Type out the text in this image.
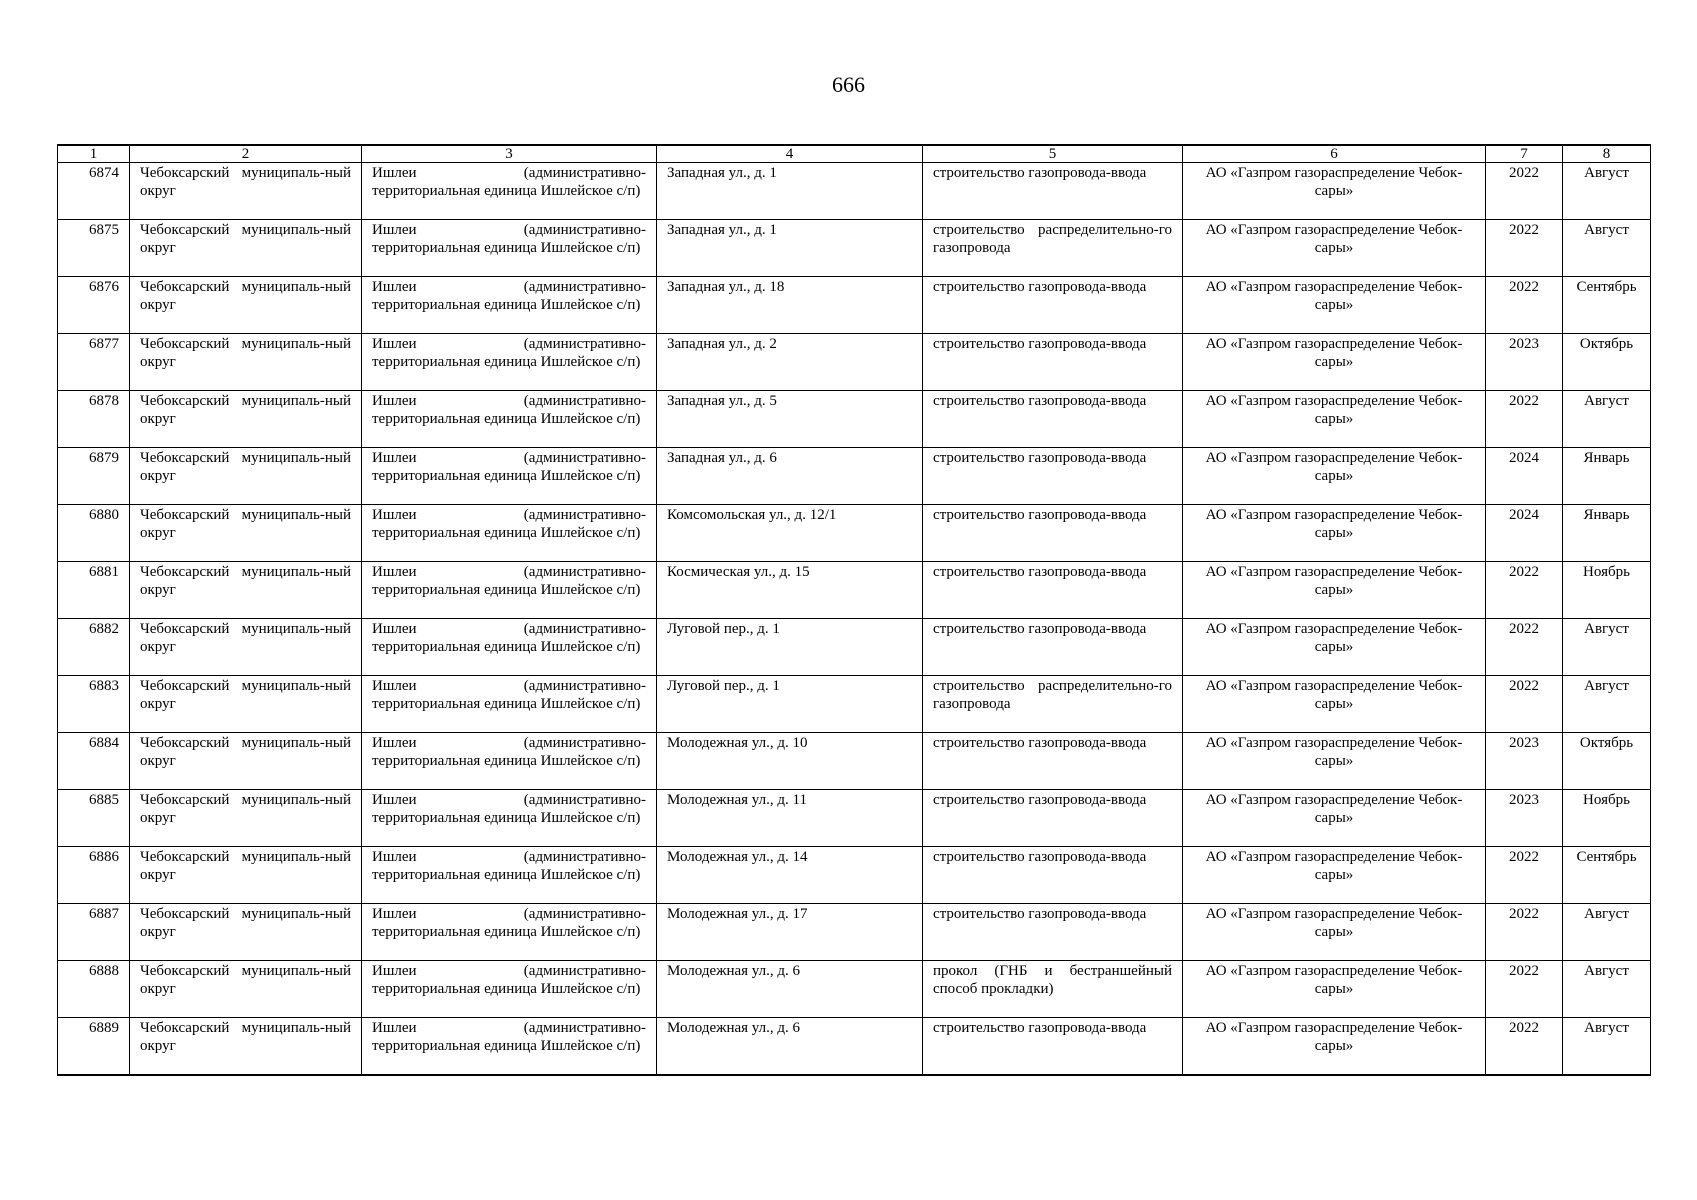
666
1	2	3	4	5	6	7	8
6874	Чебоксарский муниципаль-ный округ	Ишлеи (административно-территориальная единица Ишлейское с/п)	Западная ул., д. 1	строительство газопровода-ввода	АО «Газпром газораспределение Чебок-сары»	2022	Август
6875	Чебоксарский муниципаль-ный округ	Ишлеи (административно-территориальная единица Ишлейское с/п)	Западная ул., д. 1	строительство распределительно-го газопровода	АО «Газпром газораспределение Чебок-сары»	2022	Август
6876	Чебоксарский муниципаль-ный округ	Ишлеи (административно-территориальная единица Ишлейское с/п)	Западная ул., д. 18	строительство газопровода-ввода	АО «Газпром газораспределение Чебок-сары»	2022	Сентябрь
6877	Чебоксарский муниципаль-ный округ	Ишлеи (административно-территориальная единица Ишлейское с/п)	Западная ул., д. 2	строительство газопровода-ввода	АО «Газпром газораспределение Чебок-сары»	2023	Октябрь
6878	Чебоксарский муниципаль-ный округ	Ишлеи (административно-территориальная единица Ишлейское с/п)	Западная ул., д. 5	строительство газопровода-ввода	АО «Газпром газораспределение Чебок-сары»	2022	Август
6879	Чебоксарский муниципаль-ный округ	Ишлеи (административно-территориальная единица Ишлейское с/п)	Западная ул., д. 6	строительство газопровода-ввода	АО «Газпром газораспределение Чебок-сары»	2024	Январь
6880	Чебоксарский муниципаль-ный округ	Ишлеи (административно-территориальная единица Ишлейское с/п)	Комсомольская ул., д. 12/1	строительство газопровода-ввода	АО «Газпром газораспределение Чебок-сары»	2024	Январь
6881	Чебоксарский муниципаль-ный округ	Ишлеи (административно-территориальная единица Ишлейское с/п)	Космическая ул., д. 15	строительство газопровода-ввода	АО «Газпром газораспределение Чебок-сары»	2022	Ноябрь
6882	Чебоксарский муниципаль-ный округ	Ишлеи (административно-территориальная единица Ишлейское с/п)	Луговой пер., д. 1	строительство газопровода-ввода	АО «Газпром газораспределение Чебок-сары»	2022	Август
6883	Чебоксарский муниципаль-ный округ	Ишлеи (административно-территориальная единица Ишлейское с/п)	Луговой пер., д. 1	строительство распределительно-го газопровода	АО «Газпром газораспределение Чебок-сары»	2022	Август
6884	Чебоксарский муниципаль-ный округ	Ишлеи (административно-территориальная единица Ишлейское с/п)	Молодежная ул., д. 10	строительство газопровода-ввода	АО «Газпром газораспределение Чебок-сары»	2023	Октябрь
6885	Чебоксарский муниципаль-ный округ	Ишлеи (административно-территориальная единица Ишлейское с/п)	Молодежная ул., д. 11	строительство газопровода-ввода	АО «Газпром газораспределение Чебок-сары»	2023	Ноябрь
6886	Чебоксарский муниципаль-ный округ	Ишлеи (административно-территориальная единица Ишлейское с/п)	Молодежная ул., д. 14	строительство газопровода-ввода	АО «Газпром газораспределение Чебок-сары»	2022	Сентябрь
6887	Чебоксарский муниципаль-ный округ	Ишлеи (административно-территориальная единица Ишлейское с/п)	Молодежная ул., д. 17	строительство газопровода-ввода	АО «Газпром газораспределение Чебок-сары»	2022	Август
6888	Чебоксарский муниципаль-ный округ	Ишлеи (административно-территориальная единица Ишлейское с/п)	Молодежная ул., д. 6	прокол (ГНБ и бестраншейный способ прокладки)	АО «Газпром газораспределение Чебок-сары»	2022	Август
6889	Чебоксарский муниципаль-ный округ	Ишлеи (административно-территориальная единица Ишлейское с/п)	Молодежная ул., д. 6	строительство газопровода-ввода	АО «Газпром газораспределение Чебок-сары»	2022	Август
